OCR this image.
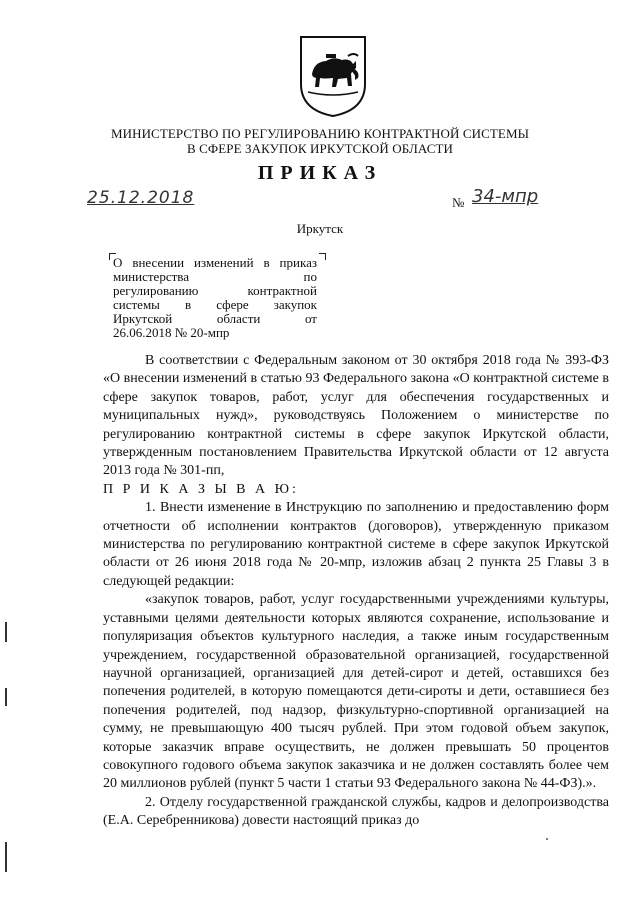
МИНИСТЕРСТВО ПО РЕГУЛИРОВАНИЮ КОНТРАКТНОЙ СИСТЕМЫ
В СФЕРЕ ЗАКУПОК ИРКУТСКОЙ ОБЛАСТИ
ПРИКАЗ
25.12.2018	№ 34-мпр
Иркутск
О внесении изменений в приказ
министерства по
регулированию контрактной
системы в сфере закупок
Иркутской области от
26.06.2018 № 20-мпр

В соответствии с Федеральным законом от 30 октября 2018 года № 393-ФЗ «О внесении изменений в статью 93 Федерального закона «О контрактной системе в сфере закупок товаров, работ, услуг для обеспечения государственных и муниципальных нужд», руководствуясь Положением о министерстве по регулированию контрактной системы в сфере закупок Иркутской области, утвержденным постановлением Правительства Иркутской области от 12 августа 2013 года № 301-пп,

П Р И К А З Ы В А Ю:

1. Внести изменение в Инструкцию по заполнению и предоставлению форм отчетности об исполнении контрактов (договоров), утвержденную приказом министерства по регулированию контрактной системе в сфере закупок Иркутской области от 26 июня 2018 года № 20-мпр, изложив абзац 2 пункта 25 Главы 3 в следующей редакции:

«закупок товаров, работ, услуг государственными учреждениями культуры, уставными целями деятельности которых являются сохранение, использование и популяризация объектов культурного наследия, а также иным государственным учреждением, государственной образовательной организацией, государственной научной организацией, организацией для детей-сирот и детей, оставшихся без попечения родителей, в которую помещаются дети-сироты и дети, оставшиеся без попечения родителей, под надзор, физкультурно-спортивной организацией на сумму, не превышающую 400 тысяч рублей. При этом годовой объем закупок, которые заказчик вправе осуществить, не должен превышать 50 процентов совокупного годового объема закупок заказчика и не должен составлять более чем 20 миллионов рублей (пункт 5 части 1 статьи 93 Федерального закона № 44-ФЗ).».

2. Отделу государственной гражданской службы, кадров и делопроизводства (Е.А. Серебренникова) довести настоящий приказ до
